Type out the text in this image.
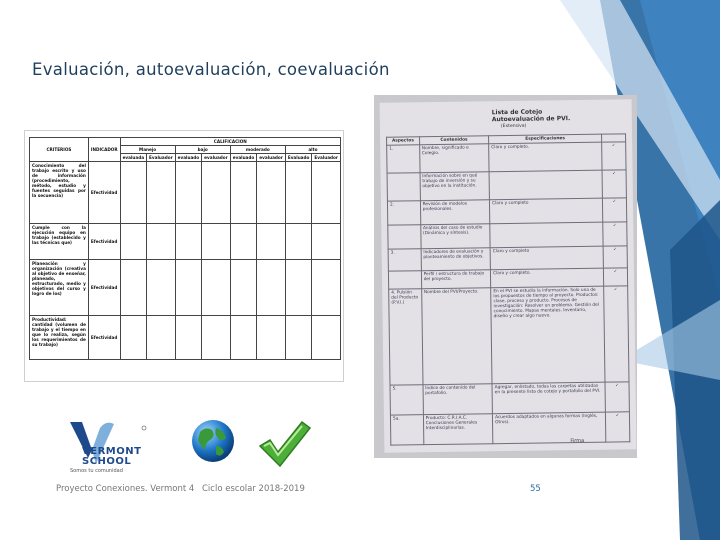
Evaluación, autoevaluación, coevaluación
CRITERIOS	INDICADOR	CALIFICACION							
		Manejo		bajo		moderado		alto	
		evaluada	Evaluador	evaluado	evaluador	evaluado	evaluador	Evaluado	Evaluador
Conocimiento del trabajo escrito y uso de información (procedimiento, método, estudio y fuentes seguidas por la secuencia)	Efectividad								
Cumple con la ejecución equipo en trabajo (establecido y las técnicas que)	Efectividad								
Planeación y organización (creativa al objetivo de enseñar, planeado, estructurado, medio y objetivos del curso y logro de los)	Efectividad								
Productividad: cantidad (volumen de trabajo y el tiempo en que lo realiza, según los requerimientos de su trabajo)	Efectividad								
Lista de Cotejo
Autoevaluación de PVI.
(Extensiva)
Aspectos	Contenidos	Especificaciones	
1.	Nombre, significado e Colegio.	Claro y completo.	✓
	Información sobre en qué trabajo de inversión y su objetivo en la institución.		✓
2.	Revisión de modelos profesionales.	Claro y completo	✓
	Análisis del caso de estudio (Dinámica y síntesis).		✓
3.	Indicadores de evaluación y planteamiento de objetivos.	Claro y completo	✓
	Perfil / estructura de trabajo del proyecto.	Claro y completo.	✓
4. Pulsión del Producto (P.V.I.)	Nombre del PVI/Proyecto.	En el PVI se estudia la información. Solo una de los propuestos de tiempo al proyecto. Productos: clase, proceso y producto. Procesos de investigación: Resolver un problema. Gestión del conocimiento. Mapas mentales. Inventario, diseño y crear algo nuevo.	✓
5.	Índice de contenido del portafolio.	Agregar, enlistado, todas las carpetas utilizadas en la presente lista de cotejo y portafolio del PVI.	✓
5a.	Producto: C.R.I.A.C. Conclusiones Generales Interdisciplinarias.	Acuerdos adaptados en algunas formas (Inglés, Otros).	✓
Firma
VERMONT
SCHOOL
Somos tu comunidad
Proyecto Conexiones. Vermont 4 Ciclo escolar 2018-2019	55
